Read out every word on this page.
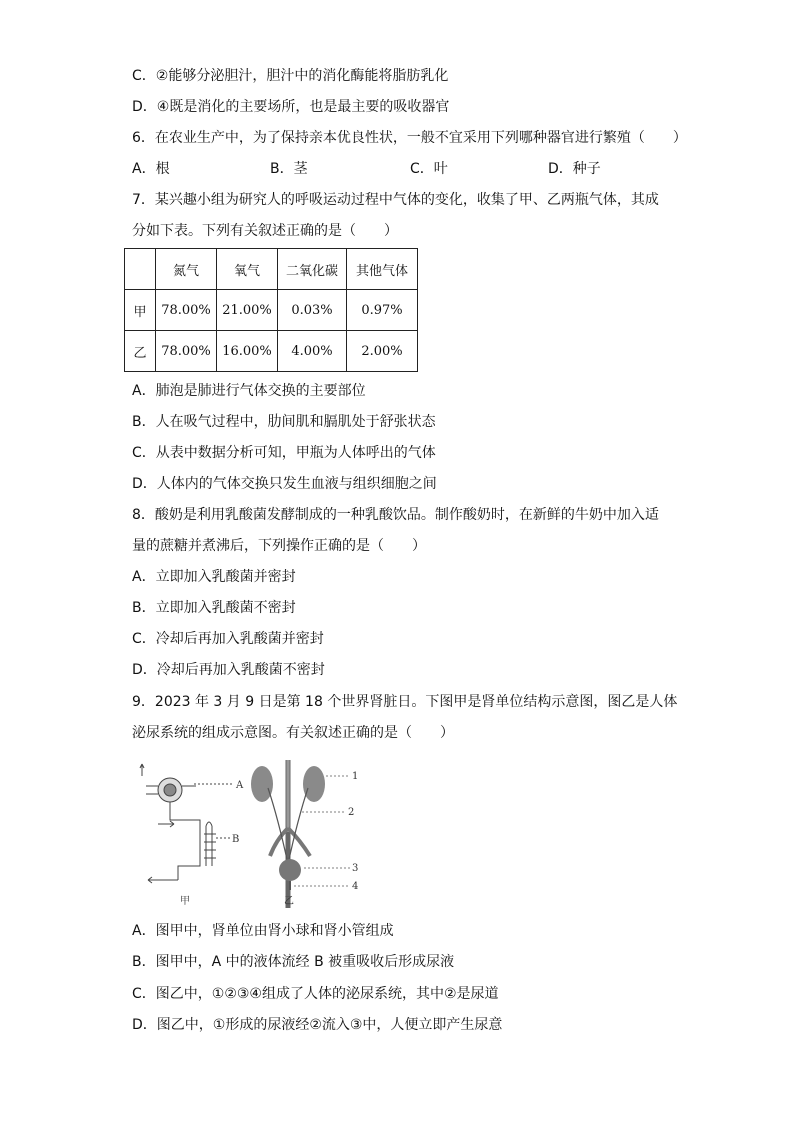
C．②能够分泌胆汁，胆汁中的消化酶能将脂肪乳化
D．④既是消化的主要场所，也是最主要的吸收器官
6．在农业生产中，为了保持亲本优良性状，一般不宜采用下列哪种器官进行繁殖（　　）
A．根	B．茎	C．叶	D．种子
7．某兴趣小组为研究人的呼吸运动过程中气体的变化，收集了甲、乙两瓶气体，其成
分如下表。下列有关叙述正确的是（　　）
	氮气	氧气	二氧化碳	其他气体
甲	78.00%	21.00%	0.03%	0.97%
乙	78.00%	16.00%	4.00%	2.00%
A．肺泡是肺进行气体交换的主要部位
B．人在吸气过程中，肋间肌和膈肌处于舒张状态
C．从表中数据分析可知，甲瓶为人体呼出的气体
D．人体内的气体交换只发生血液与组织细胞之间
8．酸奶是利用乳酸菌发酵制成的一种乳酸饮品。制作酸奶时，在新鲜的牛奶中加入适
量的蔗糖并煮沸后，下列操作正确的是（　　）
A．立即加入乳酸菌并密封
B．立即加入乳酸菌不密封
C．冷却后再加入乳酸菌并密封
D．冷却后再加入乳酸菌不密封
9．2023 年 3 月 9 日是第 18 个世界肾脏日。下图甲是肾单位结构示意图，图乙是人体
泌尿系统的组成示意图。有关叙述正确的是（　　）
A
B
甲
1
2
3
4
乙
A．图甲中，肾单位由肾小球和肾小管组成
B．图甲中，A 中的液体流经 B 被重吸收后形成尿液
C．图乙中，①②③④组成了人体的泌尿系统，其中②是尿道
D．图乙中，①形成的尿液经②流入③中，人便立即产生尿意
